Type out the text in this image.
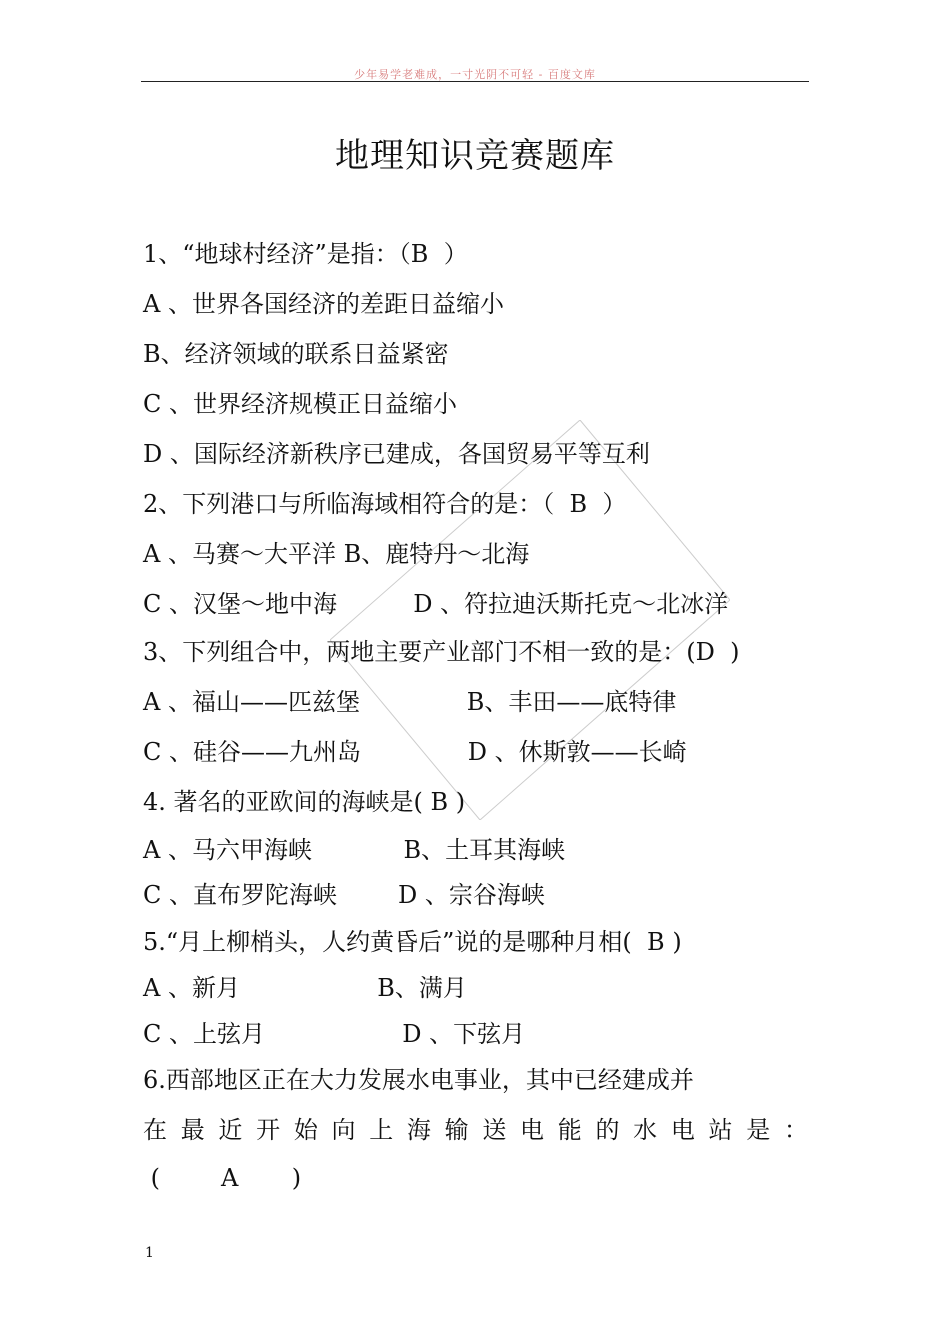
少年易学老难成，一寸光阴不可轻 - 百度文库
地理知识竞赛题库
1、“地球村经济”是指：（B  ）
A 、世界各国经济的差距日益缩小
B、经济领域的联系日益紧密
C 、世界经济规模正日益缩小
D 、国际经济新秩序已建成，各国贸易平等互利
2、下列港口与所临海域相符合的是：（  B  ）
A 、马赛～大平洋 B、鹿特丹～北海
C 、汉堡～地中海          D 、符拉迪沃斯托克～北冰洋
3、下列组合中，两地主要产业部门不相一致的是：(D  )
A 、福山——匹兹堡              B、丰田——底特律
C 、硅谷——九州岛              D 、休斯敦——长崎
4. 著名的亚欧间的海峡是( B )
A 、马六甲海峡            B、土耳其海峡
C 、直布罗陀海峡        D 、宗谷海峡
5.“月上柳梢头，人约黄昏后”说的是哪种月相(  B )
A 、新月                  B、满月
C 、上弦月                  D 、下弦月
6.西部地区正在大力发展水电事业，其中已经建成并
在 最 近 开 始 向 上 海 输 送 电 能 的 水 电 站 是 ：
(        A       )
1
